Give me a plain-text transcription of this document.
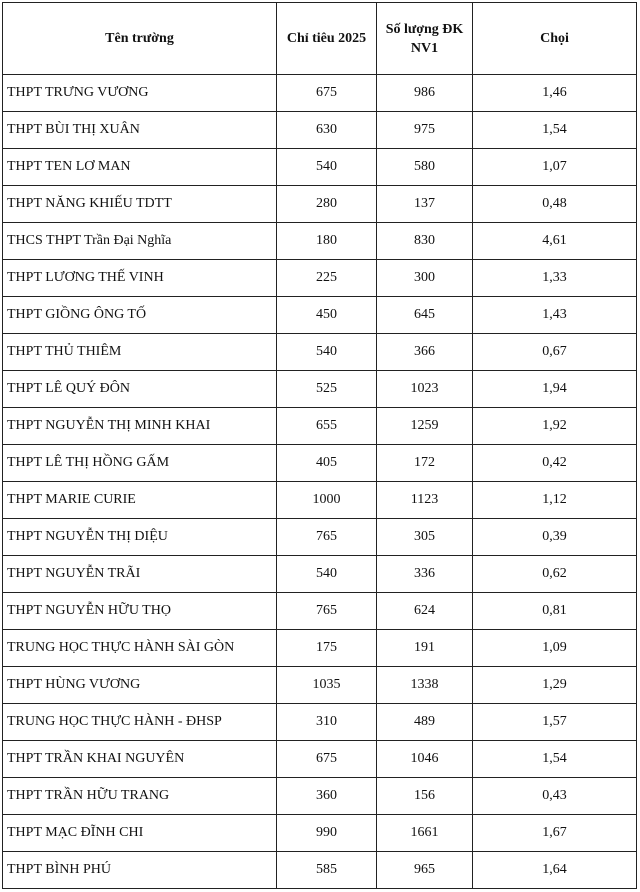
Tên trường	Chỉ tiêu 2025	Số lượng ĐK NV1	Chọi
THPT TRƯNG VƯƠNG	675	986	1,46
THPT BÙI THỊ XUÂN	630	975	1,54
THPT TEN LƠ MAN	540	580	1,07
THPT NĂNG KHIẾU TDTT	280	137	0,48
THCS THPT Trần Đại Nghĩa	180	830	4,61
THPT LƯƠNG THẾ VINH	225	300	1,33
THPT GIỒNG ÔNG TỐ	450	645	1,43
THPT THỦ THIÊM	540	366	0,67
THPT LÊ QUÝ ĐÔN	525	1023	1,94
THPT NGUYỄN THỊ MINH KHAI	655	1259	1,92
THPT LÊ THỊ HỒNG GẤM	405	172	0,42
THPT MARIE CURIE	1000	1123	1,12
THPT NGUYỄN THỊ DIỆU	765	305	0,39
THPT NGUYỄN TRÃI	540	336	0,62
THPT NGUYỄN HỮU THỌ	765	624	0,81
TRUNG HỌC THỰC HÀNH SÀI GÒN	175	191	1,09
THPT HÙNG VƯƠNG	1035	1338	1,29
TRUNG HỌC THỰC HÀNH - ĐHSP	310	489	1,57
THPT TRẦN KHAI NGUYÊN	675	1046	1,54
THPT TRẦN HỮU TRANG	360	156	0,43
THPT MẠC ĐĨNH CHI	990	1661	1,67
THPT BÌNH PHÚ	585	965	1,64
